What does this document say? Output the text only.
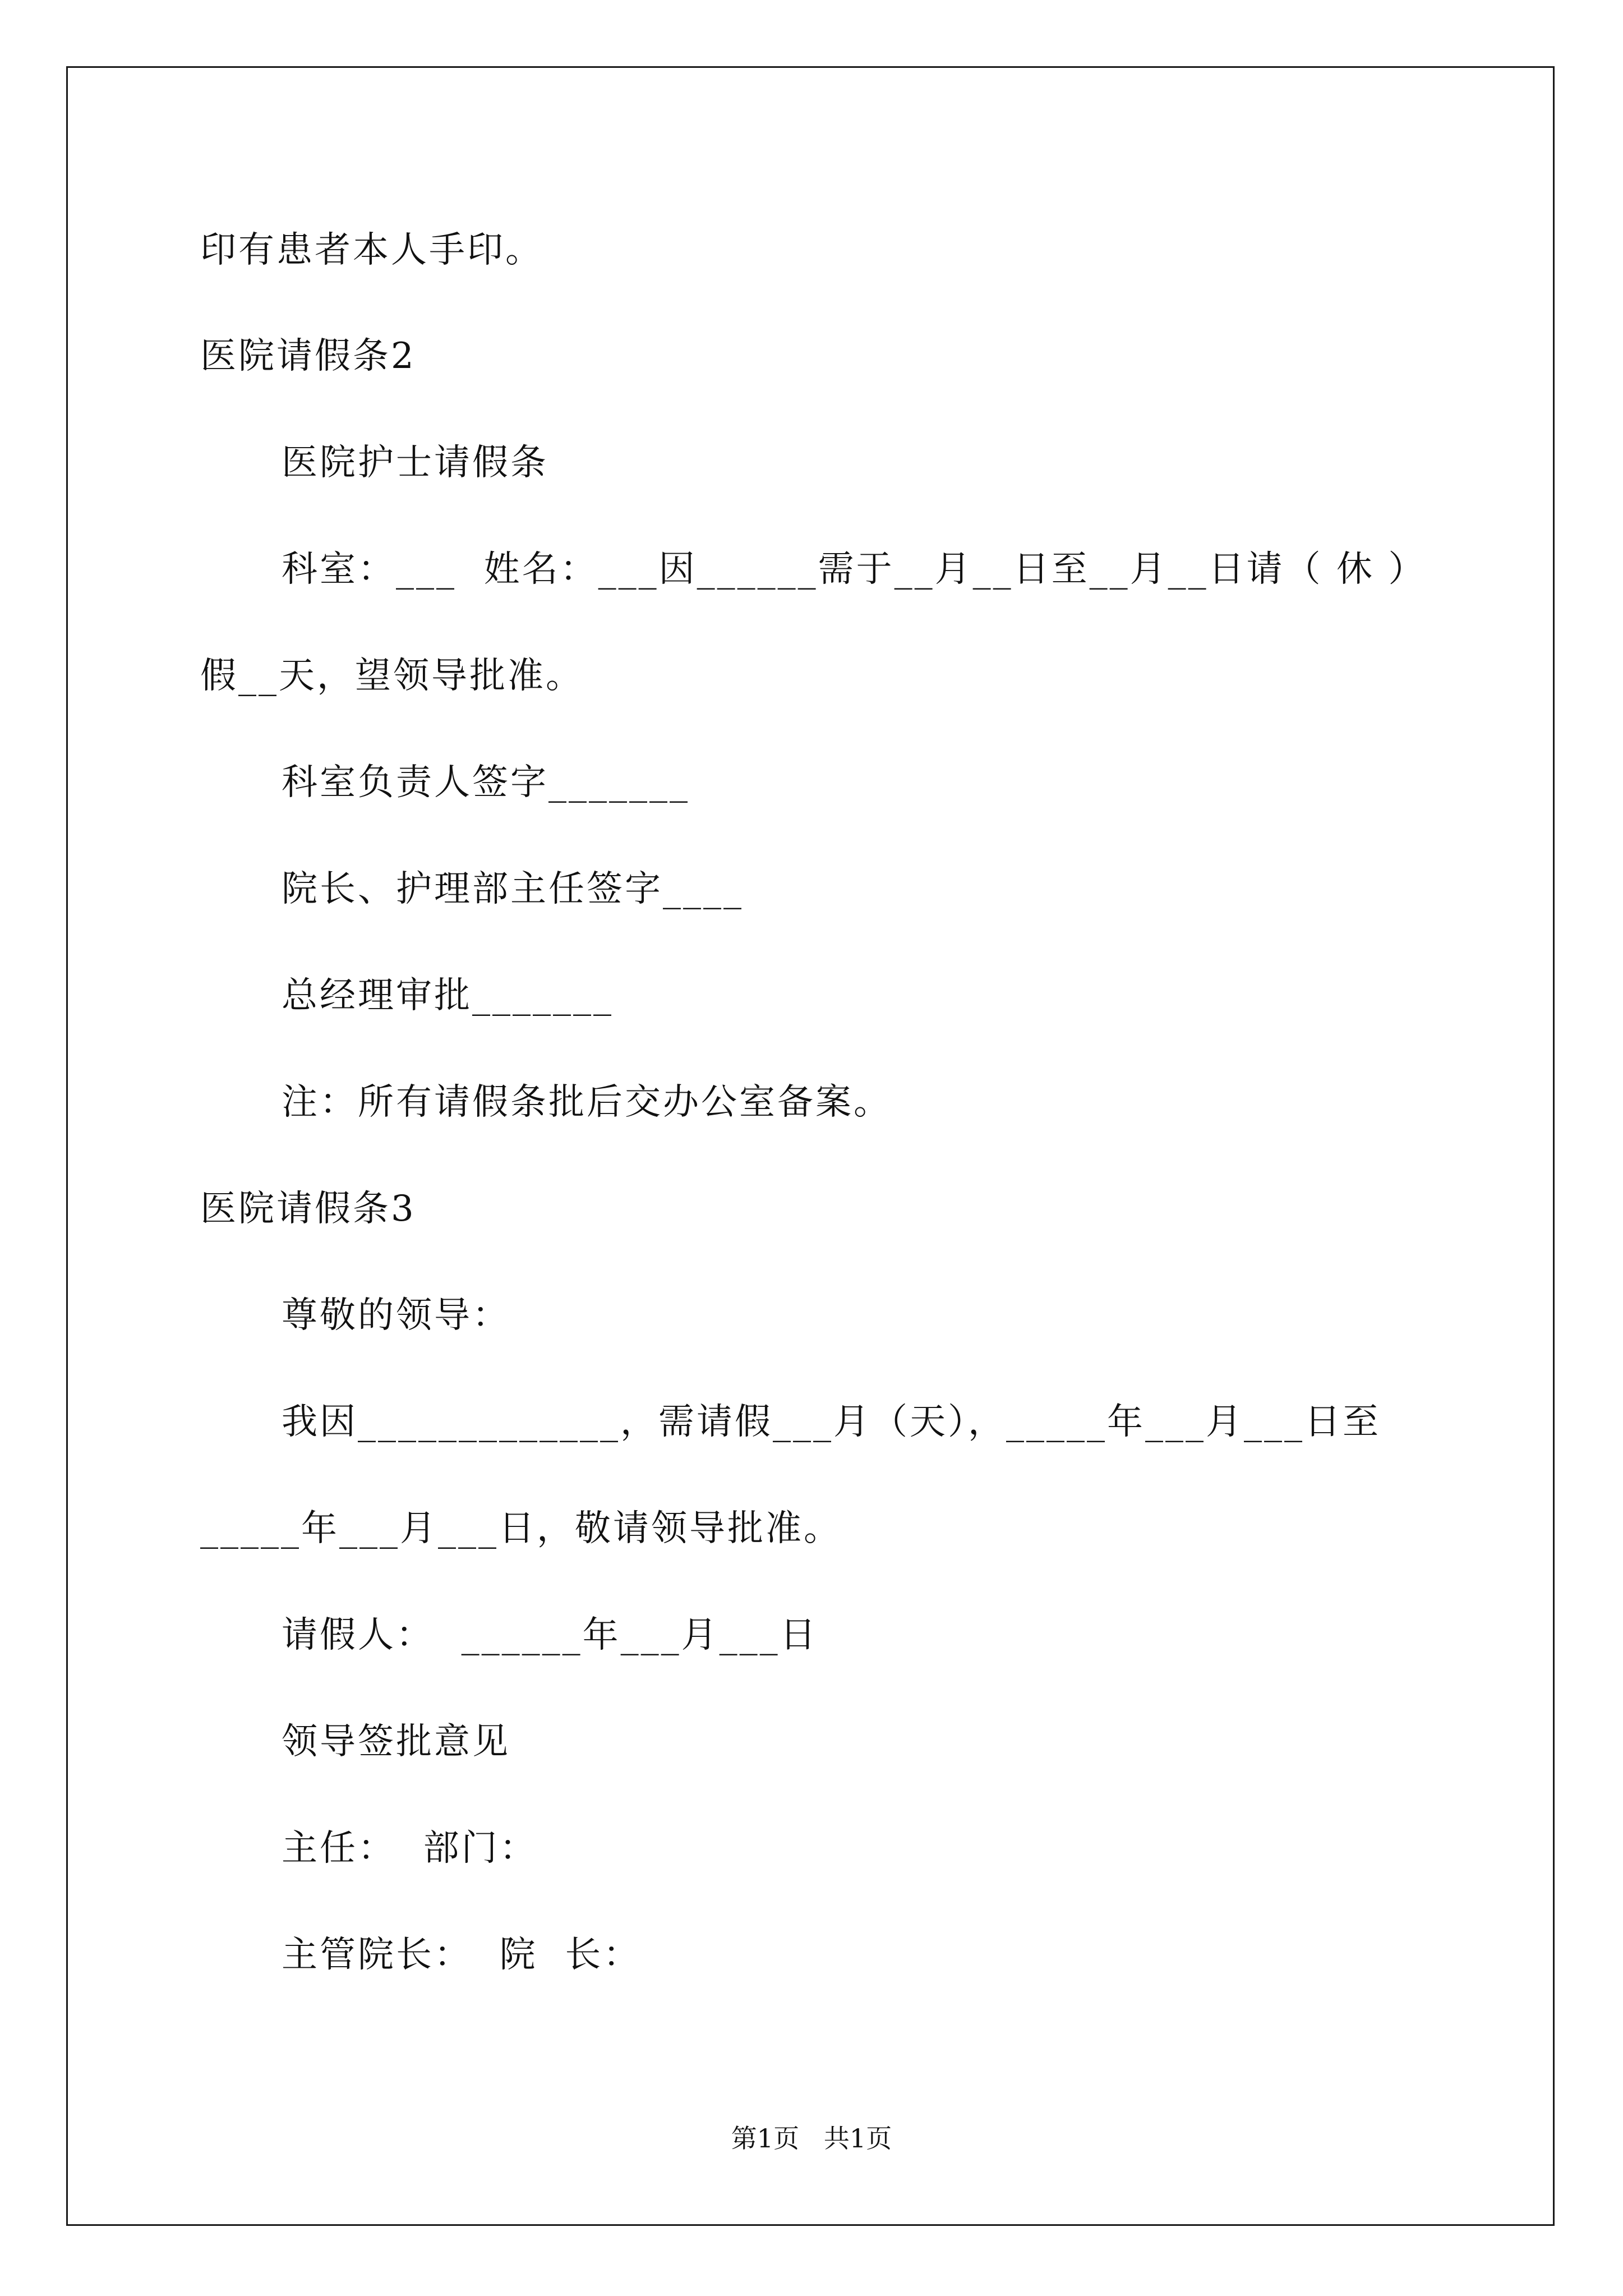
印有患者本人手印。
医院请假条2
医院护士请假条
科室：___  姓名：___因______需于__月__日至__月__日请（ 休 ）
假__天，望领导批准。
科室负责人签字_______
院长、护理部主任签字____
总经理审批_______
注：所有请假条批后交办公室备案。
医院请假条3
尊敬的领导：
我因_____________，需请假___月（天），_____年___月___日至
_____年___月___日，敬请领导批准。
请假人：  ______年___月___日
领导签批意见
主任：  部门：
主管院长：  院  长：
第1页   共1页
